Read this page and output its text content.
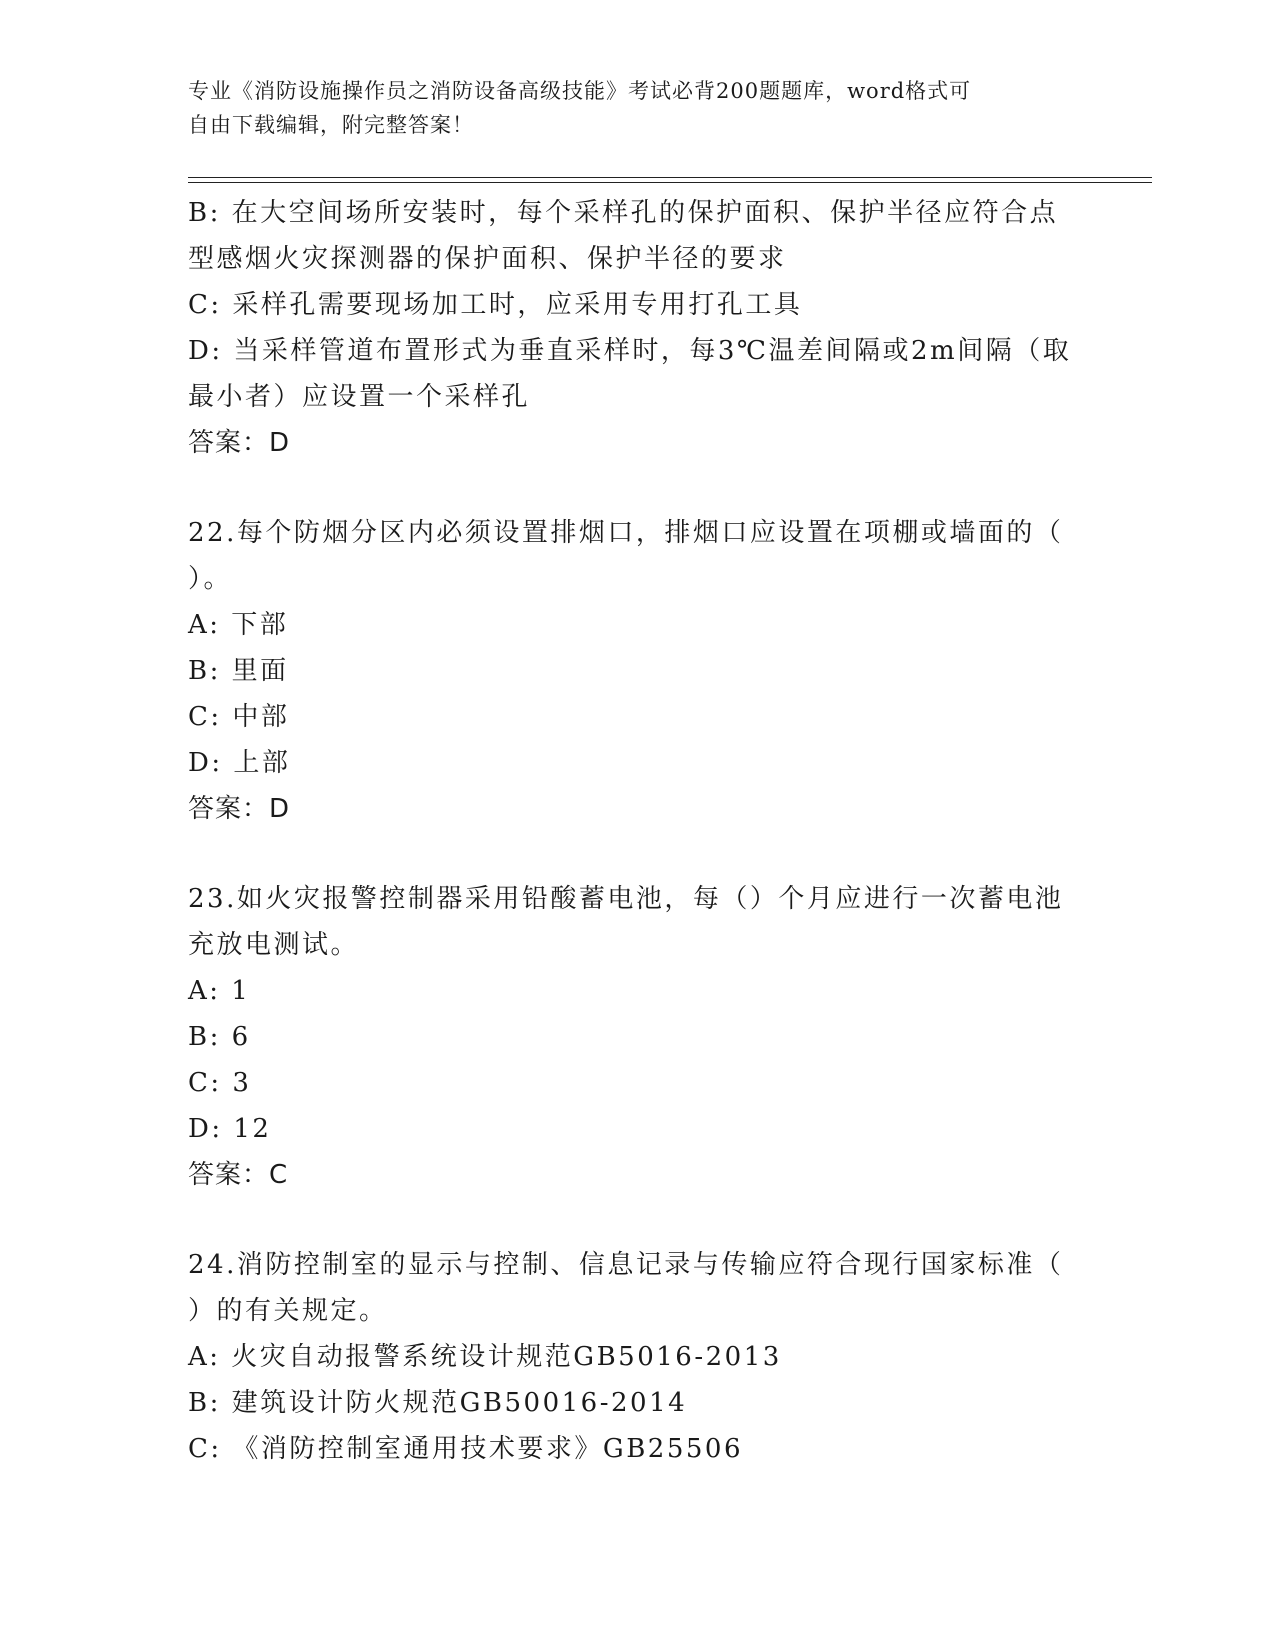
专业《消防设施操作员之消防设备高级技能》考试必背200题题库，word格式可
自由下载编辑，附完整答案！
B: 在大空间场所安装时，每个采样孔的保护面积、保护半径应符合点
型感烟火灾探测器的保护面积、保护半径的要求
C: 采样孔需要现场加工时，应采用专用打孔工具
D: 当采样管道布置形式为垂直采样时，每3℃温差间隔或2m间隔（取
最小者）应设置一个采样孔
答案：D
22.每个防烟分区内必须设置排烟口，排烟口应设置在项棚或墙面的（
）。
A: 下部
B: 里面
C: 中部
D: 上部
答案：D
23.如火灾报警控制器采用铅酸蓄电池，每（）个月应进行一次蓄电池
充放电测试。
A: 1
B: 6
C: 3
D: 12
答案：C
24.消防控制室的显示与控制、信息记录与传输应符合现行国家标准（
）的有关规定。
A: 火灾自动报警系统设计规范GB5016-2013
B: 建筑设计防火规范GB50016-2014
C: 《消防控制室通用技术要求》GB25506
